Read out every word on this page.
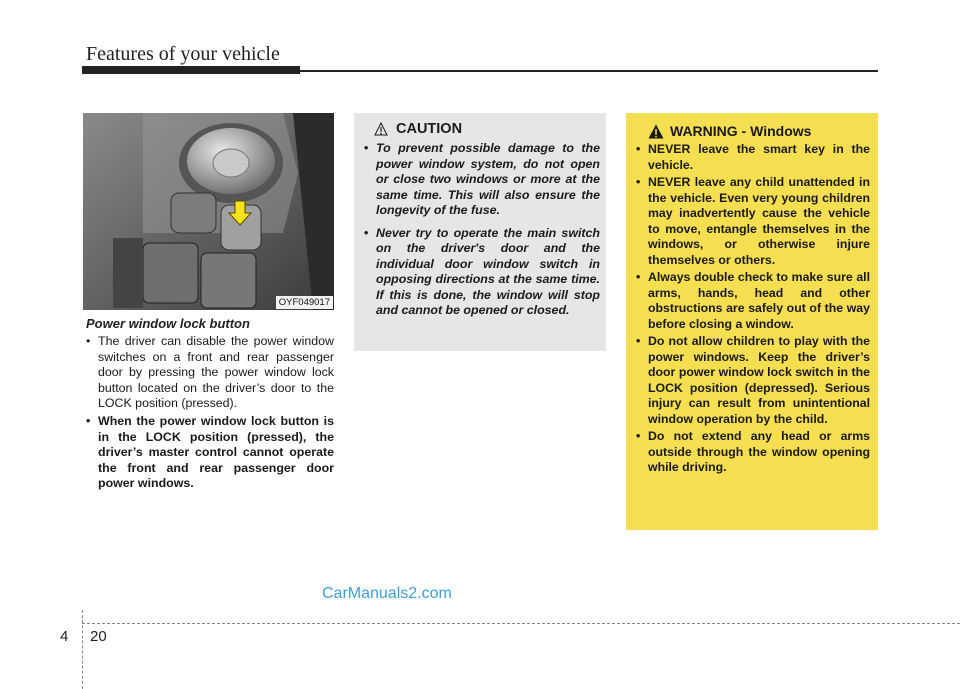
Features of your vehicle
OYF049017
Power window lock button
• The driver can disable the power window switches on a front and rear passenger door by pressing the power window lock button located on the driver’s door to the LOCK position (pressed).
• When the power window lock button is in the LOCK position (pressed), the driver’s master control cannot operate the front and rear passenger door power windows.
CAUTION
• To prevent possible damage to the power window system, do not open or close two windows or more at the same time. This will also ensure the longevity of the fuse.
• Never try to operate the main switch on the driver's door and the individual door window switch in opposing directions at the same time. If this is done, the window will stop and cannot be opened or closed.
WARNING - Windows
• NEVER leave the smart key in the vehicle.
• NEVER leave any child unattended in the vehicle. Even very young children may inadvertently cause the vehicle to move, entangle themselves in the windows, or otherwise injure themselves or others.
• Always double check to make sure all arms, hands, head and other obstructions are safely out of the way before closing a window.
• Do not allow children to play with the power windows. Keep the driver’s door power window lock switch in the LOCK position (depressed). Serious injury can result from unintentional window operation by the child.
• Do not extend any head or arms outside through the window opening while driving.
CarManuals2.com
4 20
